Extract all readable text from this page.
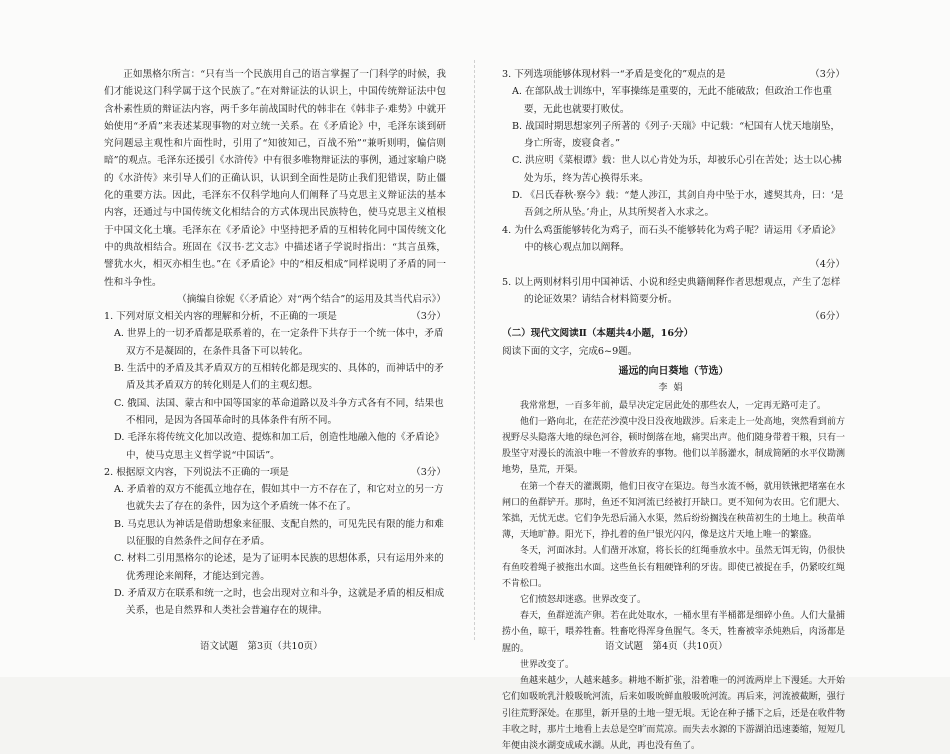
正如黑格尔所言：“只有当一个民族用自己的语言掌握了一门科学的时候，我们才能说这门科学属于这个民族了。”在对辩证法的认识上，中国传统辩证法中包含朴素性质的辩证法内容，两千多年前战国时代的韩非在《韩非子·难势》中就开始使用“矛盾”来表述某现事物的对立统一关系。在《矛盾论》中，毛泽东谈到研究问题忌主观性和片面性时，引用了“知彼知己，百战不殆”“兼听则明，偏信则暗”的观点。毛泽东还援引《水浒传》中有很多唯物辩证法的事例，通过家喻户晓的《水浒传》来引导人们的正确认识，认识到全面性是防止我们犯错误，防止僵化的重要方法。因此，毛泽东不仅科学地向人们阐释了马克思主义辩证法的基本内容，还通过与中国传统文化相结合的方式体现出民族特色，使马克思主义植根于中国文化土壤。毛泽东在《矛盾论》中坚持把矛盾的互相转化同中国传统文化中的典故相结合。班固在《汉书·艺文志》中描述诸子学说时指出：“其言虽殊，譬犹水火，相灭亦相生也。”在《矛盾论》中的“相反相成”同样说明了矛盾的同一性和斗争性。

（摘编自徐妮《〈矛盾论〉对“两个结合”的运用及其当代启示》）

1. 下列对原文相关内容的理解和分析，不正确的一项是	（3分）

A. 世界上的一切矛盾都是联系着的，在一定条件下共存于一个统一体中，矛盾双方不是凝固的，在条件具备下可以转化。

B. 生活中的矛盾及其矛盾双方的互相转化都是现实的、具体的，而神话中的矛盾及其矛盾双方的转化则是人们的主观幻想。

C. 俄国、法国、蒙古和中国等国家的革命道路以及斗争方式各有不同，结果也不相同，是因为各国革命时的具体条件有所不同。

D. 毛泽东将传统文化加以改造、提炼和加工后，创造性地融入他的《矛盾论》中，使马克思主义哲学说“中国话”。

2. 根据原文内容，下列说法不正确的一项是	（3分）

A. 矛盾着的双方不能孤立地存在，假如其中一方不存在了，和它对立的另一方也就失去了存在的条件，因为这个矛盾统一体不在了。

B. 马克思认为神话是借助想象来征服、支配自然的，可见先民有限的能力和难以征服的自然条件之间存在矛盾。

C. 材料二引用黑格尔的论述，是为了证明本民族的思想体系，只有运用外来的优秀理论来阐释，才能达到完善。

D. 矛盾双方在联系和统一之时，也会出现对立和斗争，这就是矛盾的相反相成关系，也是自然界和人类社会普遍存在的规律。

3. 下列选项能够体现材料一“矛盾是变化的”观点的是	（3分）

A. 在部队战士训练中，军事操练是重要的，无此不能破敌；但政治工作也重要，无此也就要打败仗。

B. 战国时期思想家列子所著的《列子·天瑞》中记载：“杞国有人忧天地崩坠，身亡所寄，废寝食者。”

C. 洪应明《菜根谭》载：世人以心肯处为乐，却被乐心引在苦处；达士以心拂处为乐，终为苦心换得乐来。

D. 《吕氏春秋·察今》载：“楚人涉江，其剑自舟中坠于水，遽契其舟，曰：‘是吾剑之所从坠。’舟止，从其所契者入水求之。

4. 为什么鸡蛋能够转化为鸡子，而石头不能够转化为鸡子呢？请运用《矛盾论》中的核心观点加以阐释。

（4分）

5. 以上两则材料引用中国神话、小说和经史典籍阐释作者思想观点，产生了怎样的论证效果？请结合材料简要分析。

（6分）

（二）现代文阅读Ⅱ（本题共4小题，16分）

阅读下面的文字，完成6~9题。

遥远的向日葵地（节选）

李娟

我常常想，一百多年前，最早决定定居此处的那些农人，一定再无路可走了。

他们一路向北，在茫茫沙漠中没日没夜地跋涉。后来走上一处高地，突然看到前方视野尽头隐落大地的绿色河谷，顿时倒落在地，痛哭出声。他们随身带着干粮，只有一股坚守对漫长的流浪中唯一不曾放弃的事物。他们以羊肠灌水，制成简陋的水平仪勘测地势，垦荒，开渠。

在第一个春天的灌溉期，他们日夜守在渠边。每当水流不畅，就用铁锹把堵塞在水闸口的鱼群铲开。那时，鱼还不知河流已经被打开缺口。更不知何为农田。它们肥大、笨拙，无忧无虑。它们争先恐后涌入水渠，然后纷纷搁浅在秧苗初生的土地上。秧苗单薄，天地旷静。阳光下，挣扎着的鱼尸银光闪闪，像是这片天地上唯一的繁盛。

冬天，河面冰封。人们凿开冰窟，将长长的红绳垂放水中。虽然无饵无钩，仍很快有鱼咬着绳子被拖出水面。这些鱼长有粗硬锋利的牙齿。即使已被捉在手，仍紧咬红绳不肯松口。

它们愤怒却迷惑。世界改变了。

春天，鱼群逆流产卵。若在此处取水，一桶水里有半桶都是细碎小鱼。人们大量捕捞小鱼，晾干，喂养牲畜。牲畜吃得浑身鱼腥气。冬天，牲畜被宰杀炖熟后，肉汤都是腥的。

世界改变了。

鱼越来越少，人越来越多。耕地不断扩张，沿着唯一的河流两岸上下漫延。大开始它们如吸吮乳汁般吸吮河流，后来如吸吮鲜血般吸吮河流。再后来，河流被截断，强行引往荒野深处。在那里，新开垦的土地一望无垠。无论在种子播下之后，还是在收件物丰收之时，那片土地看上去总是空旷而荒凉。而失去水源的下游湖泊迅速萎缩，短短几年便由淡水湖变成咸水湖。从此，再也没有鱼了。

语文试题　第3页（共10页）	语文试题　第4页（共10页）
